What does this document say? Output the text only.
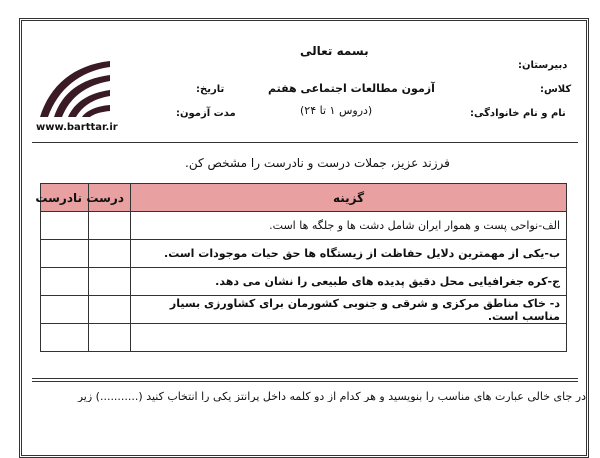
www.barttar.ir
بسمه تعالی
آزمون مطالعات اجتماعی هفتم
(دروس ۱ تا ۲۴)
تاریخ:
مدت آزمون:
دبیرستان:
کلاس:
نام و نام خانوادگی:
فرزند عزیز، جملات درست و نادرست را مشخص کن.
گزینه	درست	نادرست
الف-نواحی پست و هموار ایران شامل دشت ها و جلگه ها است.		
ب-یکی از مهمترین دلایل حفاظت از زیستگاه ها حق حیات موجودات است.		
ج-کره جغرافیایی محل دقیق پدیده های طبیعی را نشان می دهد.		
د- خاک مناطق مرکزی و شرقی و جنوبی کشورمان برای کشاورزی بسیار مناسب است.		

در جای خالی عبارت های مناسب را بنویسید و هر کدام از دو کلمه داخل پرانتز یکی را انتخاب کنید (...........) زیر
